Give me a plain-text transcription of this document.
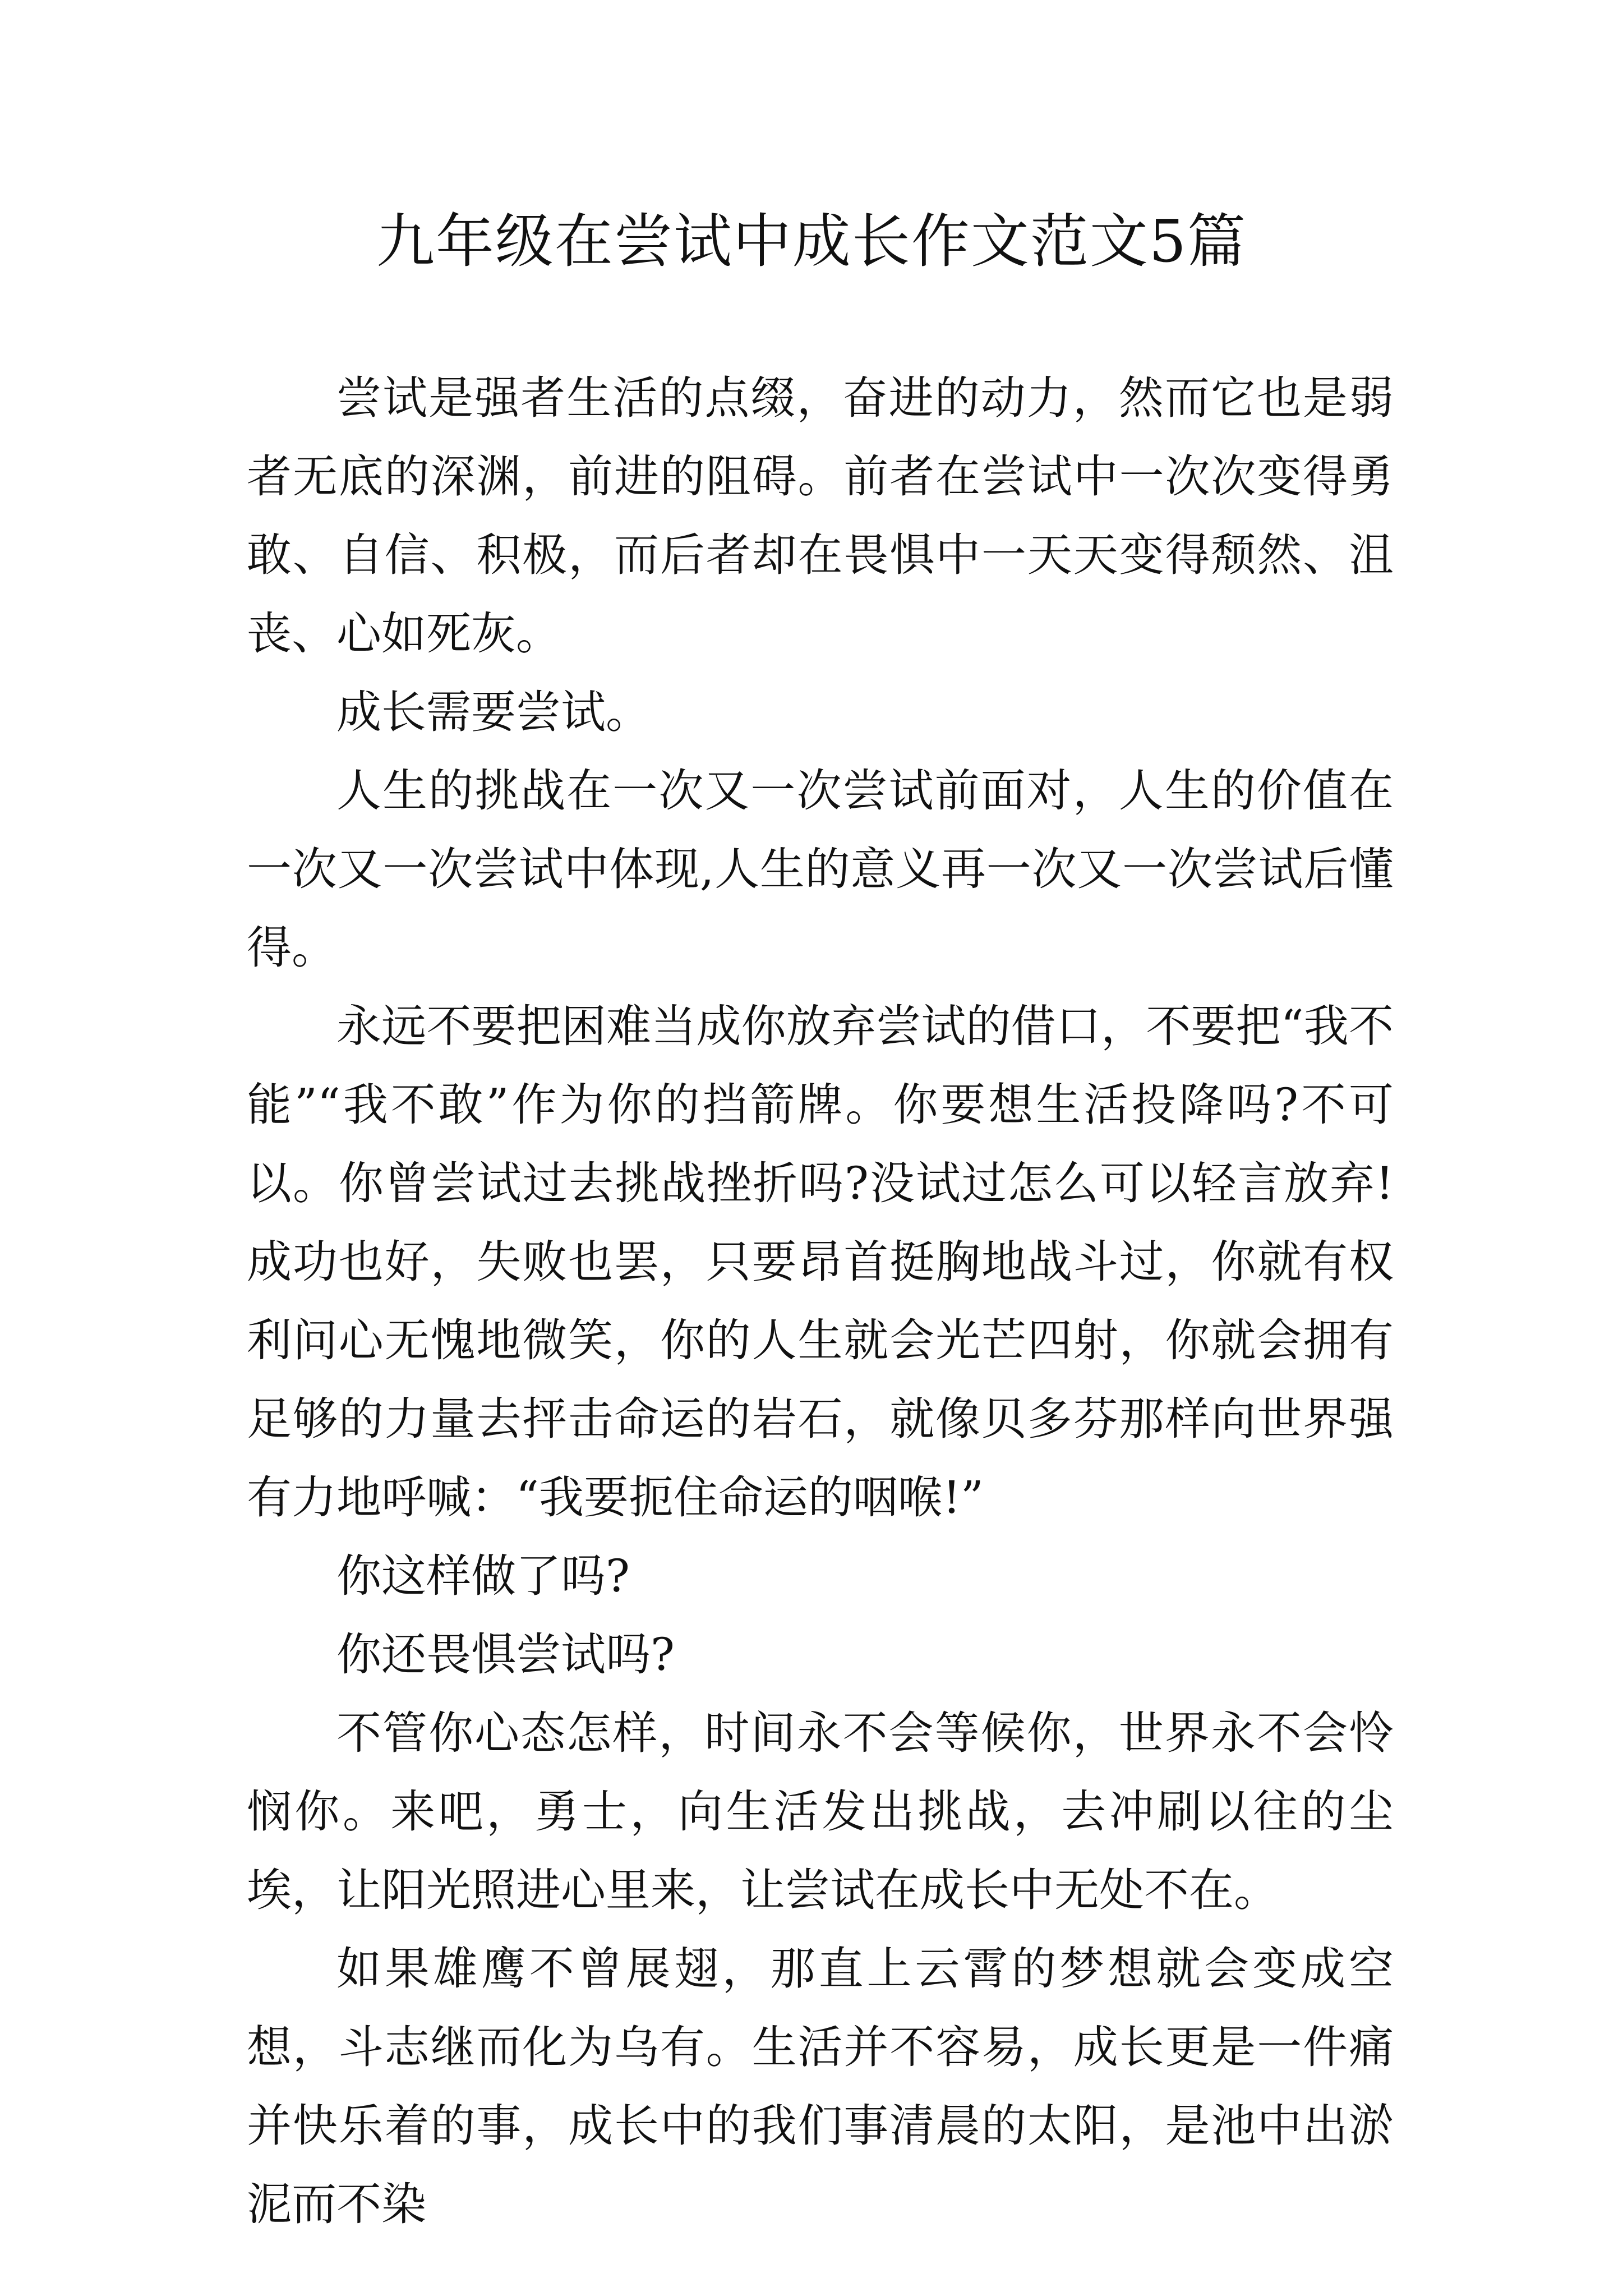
九年级在尝试中成长作文范文5篇

尝试是强者生活的点缀，奋进的动力，然而它也是弱者无底的深渊，前进的阻碍。前者在尝试中一次次变得勇敢、自信、积极，而后者却在畏惧中一天天变得颓然、沮丧、心如死灰。

成长需要尝试。

人生的挑战在一次又一次尝试前面对，人生的价值在一次又一次尝试中体现,人生的意义再一次又一次尝试后懂得。

永远不要把困难当成你放弃尝试的借口，不要把“我不能”“我不敢”作为你的挡箭牌。你要想生活投降吗?不可以。你曾尝试过去挑战挫折吗?没试过怎么可以轻言放弃!成功也好，失败也罢，只要昂首挺胸地战斗过，你就有权利问心无愧地微笑，你的人生就会光芒四射，你就会拥有足够的力量去抨击命运的岩石，就像贝多芬那样向世界强有力地呼喊：“我要扼住命运的咽喉!”

你这样做了吗?

你还畏惧尝试吗?

不管你心态怎样，时间永不会等候你，世界永不会怜悯你。来吧，勇士，向生活发出挑战，去冲刷以往的尘埃，让阳光照进心里来，让尝试在成长中无处不在。

如果雄鹰不曾展翅，那直上云霄的梦想就会变成空想，斗志继而化为乌有。生活并不容易，成长更是一件痛并快乐着的事，成长中的我们事清晨的太阳，是池中出淤泥而不染
